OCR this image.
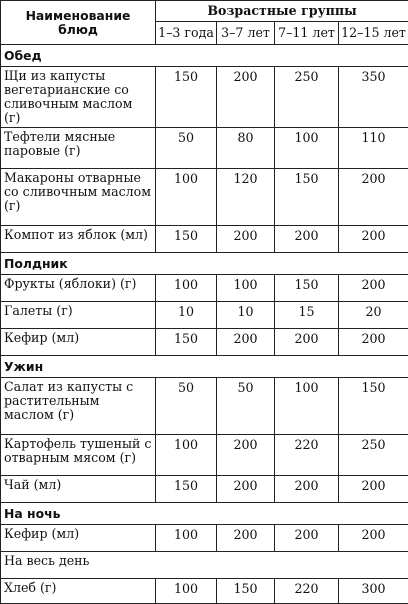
Наименование блюд	Возрастные группы			
	1–3 года	3–7 лет	7–11 лет	12–15 лет
Обед				
Щи из капусты вегетарианские со сливочным маслом (г)	150	200	250	350
Тефтели мясные паровые (г)	50	80	100	110
Макароны отварные со сливочным маслом (г)	100	120	150	200
Компот из яблок (мл)	150	200	200	200
Полдник				
Фрукты (яблоки) (г)	100	100	150	200
Галеты (г)	10	10	15	20
Кефир (мл)	150	200	200	200
Ужин				
Салат из капусты с растительным маслом (г)	50	50	100	150
Картофель тушеный с отварным мясом (г)	100	200	220	250
Чай (мл)	150	200	200	200
На ночь				
Кефир (мл)	100	200	200	200
На весь день				
Хлеб (г)	100	150	220	300
